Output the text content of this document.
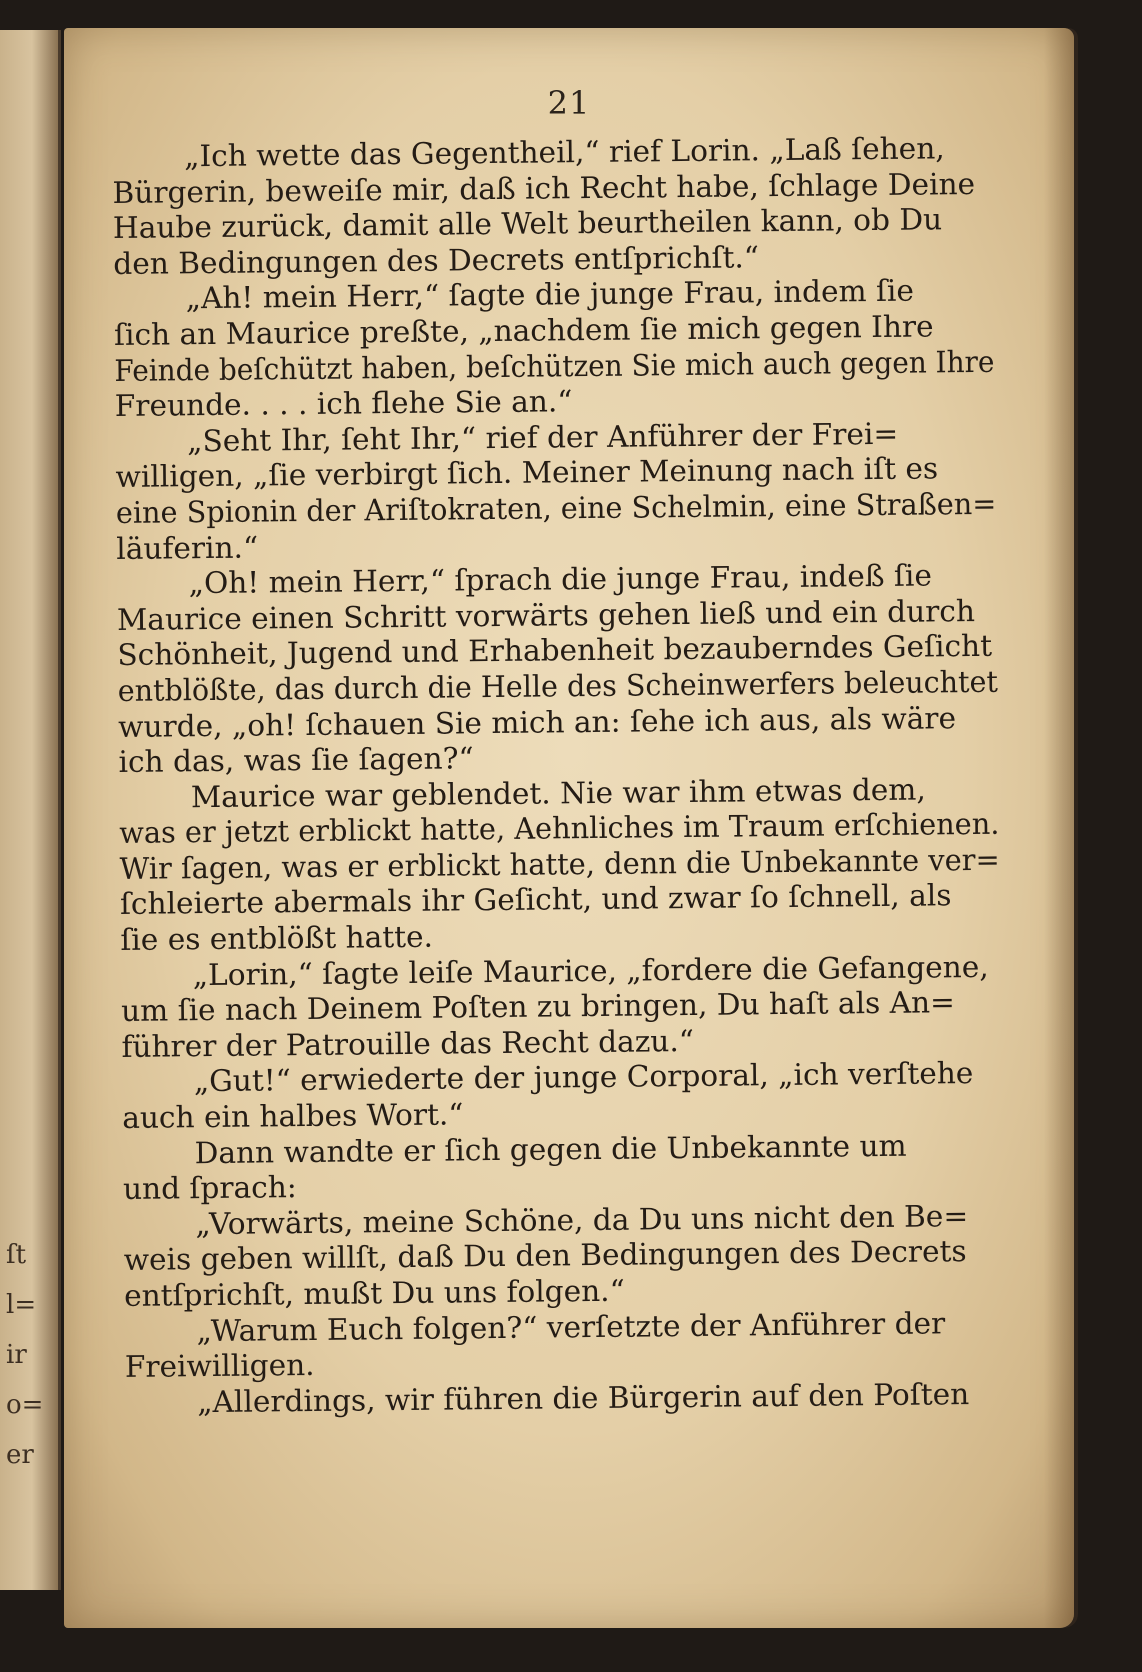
ſt
l=
ir
o=
er
21
„Ich wette das Gegentheil,“ rief Lorin. „Laß ſehen,
Bürgerin, beweiſe mir, daß ich Recht habe, ſchlage Deine
Haube zurück, damit alle Welt beurtheilen kann, ob Du
den Bedingungen des Decrets entſprichſt.“
„Ah! mein Herr,“ ſagte die junge Frau, indem ſie
ſich an Maurice preßte, „nachdem ſie mich gegen Ihre
Feinde beſchützt haben, beſchützen Sie mich auch gegen Ihre
Freunde. . . . ich flehe Sie an.“
„Seht Ihr, ſeht Ihr,“ rief der Anführer der Frei=
willigen, „ſie verbirgt ſich. Meiner Meinung nach iſt es
eine Spionin der Ariſtokraten, eine Schelmin, eine Straßen=
läuferin.“
„Oh! mein Herr,“ ſprach die junge Frau, indeß ſie
Maurice einen Schritt vorwärts gehen ließ und ein durch
Schönheit, Jugend und Erhabenheit bezauberndes Geſicht
entblößte, das durch die Helle des Scheinwerfers beleuchtet
wurde, „oh! ſchauen Sie mich an: ſehe ich aus, als wäre
ich das, was ſie ſagen?“
Maurice war geblendet. Nie war ihm etwas dem,
was er jetzt erblickt hatte, Aehnliches im Traum erſchienen.
Wir ſagen, was er erblickt hatte, denn die Unbekannte ver=
ſchleierte abermals ihr Geſicht, und zwar ſo ſchnell, als
ſie es entblößt hatte.
„Lorin,“ ſagte leiſe Maurice, „fordere die Gefangene,
um ſie nach Deinem Poſten zu bringen, Du haſt als An=
führer der Patrouille das Recht dazu.“
„Gut!“ erwiederte der junge Corporal, „ich verſtehe
auch ein halbes Wort.“
Dann wandte er ſich gegen die Unbekannte um
und ſprach:
„Vorwärts, meine Schöne, da Du uns nicht den Be=
weis geben willſt, daß Du den Bedingungen des Decrets
entſprichſt, mußt Du uns folgen.“
„Warum Euch folgen?“ verſetzte der Anführer der
Freiwilligen.
„Allerdings, wir führen die Bürgerin auf den Poſten
